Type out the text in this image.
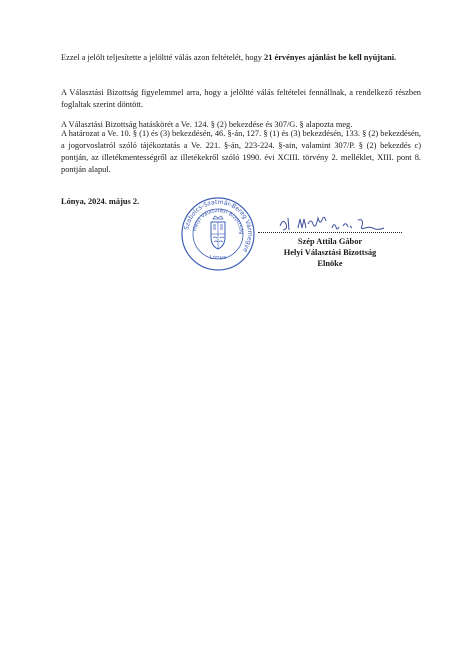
Ezzel a jelölt teljesítette a jelöltté válás azon feltételét, hogy 21 érvényes ajánlást be kell nyújtani.
A Választási Bizottság figyelemmel arra, hogy a jelöltté válás feltételei fennállnak, a rendelkező részben foglaltak szerint döntött.
A Választási Bizottság hatáskörét a Ve. 124. § (2) bekezdése és 307/G. § alapozta meg.
A határozat a Ve. 10. § (1) és (3) bekezdésén, 46. §-án, 127. § (1) és (3) bekezdésén, 133. § (2) bekezdésén, a jogorvoslatról szóló tájékoztatás a Ve. 221. §-án, 223-224. §-ain, valamint 307/P. § (2) bekezdés c) pontján, az illetékmentességről az illetékekről szóló 1990. évi XCIII. törvény 2. melléklet, XIII. pont 8. pontján alapul.
Lónya, 2024. május 2.
Szabolcs-Szatmár-Bereg Vármegye
Helyi Választási Bizottság
Lónya
Szép Attila Gábor
Helyi Választási Bizottság
Elnöke
